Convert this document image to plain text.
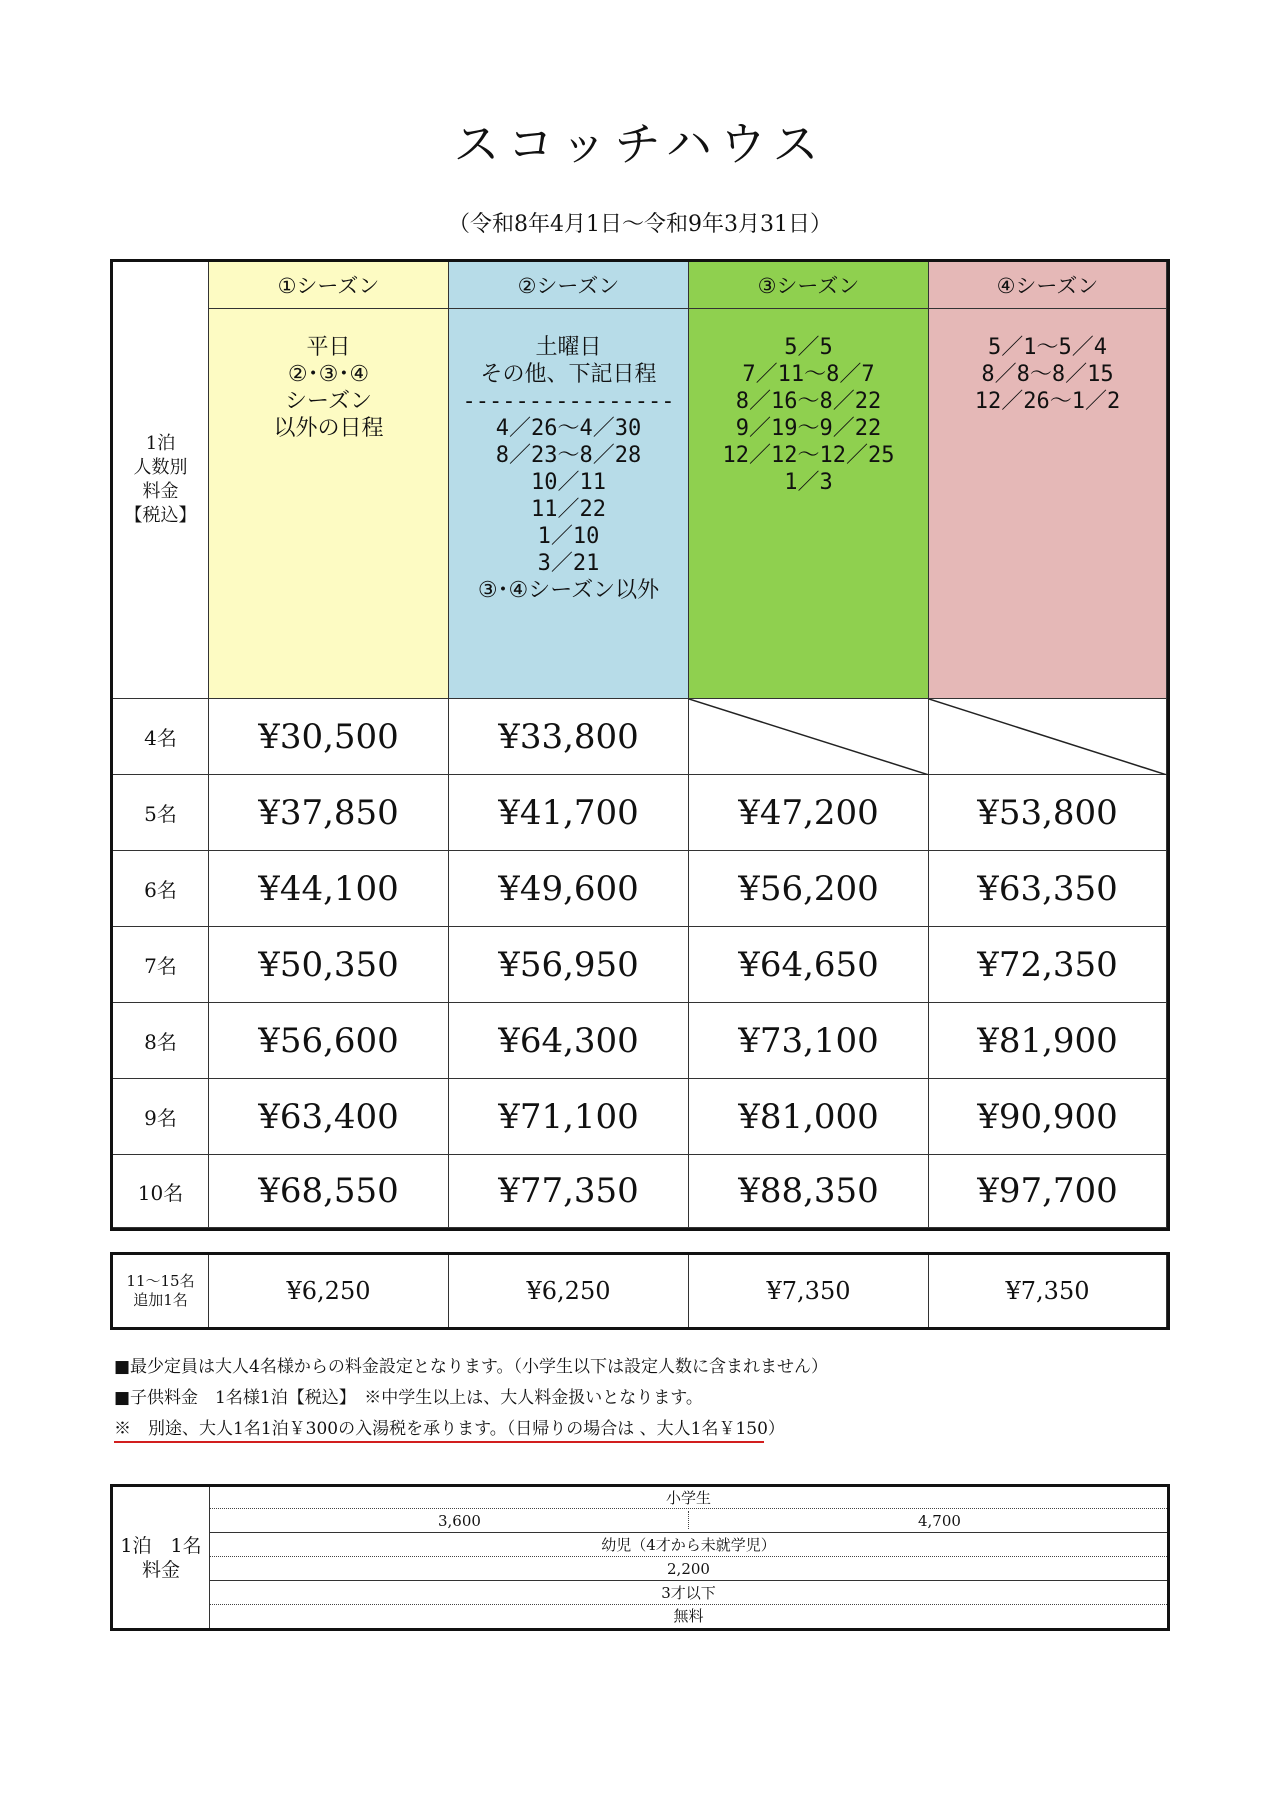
スコッチハウス
（令和8年4月1日～令和9年3月31日）
1泊
人数別
料金
【税込】
①シーズン
平日
②･③･④
シーズン
以外の日程
②シーズン
土曜日
その他、下記日程
----------------
4／26～4／30
8／23～8／28
10／11
11／22
1／10
3／21
③･④シーズン以外
③シーズン
5／5
7／11～8／7
8／16～8／22
9／19～9／22
12／12～12／25
1／3
④シーズン
5／1～5／4
8／8～8／15
12／26～1／2
4名	¥30,500	¥33,800
5名	¥37,850	¥41,700	¥47,200	¥53,800
6名	¥44,100	¥49,600	¥56,200	¥63,350
7名	¥50,350	¥56,950	¥64,650	¥72,350
8名	¥56,600	¥64,300	¥73,100	¥81,900
9名	¥63,400	¥71,100	¥81,000	¥90,900
10名	¥68,550	¥77,350	¥88,350	¥97,700
11～15名
追加1名	¥6,250	¥6,250	¥7,350	¥7,350
■最少定員は大人4名様からの料金設定となります。（小学生以下は設定人数に含まれません）
■子供料金　1名様1泊【税込】　※中学生以上は、大人料金扱いとなります。
※　別途、大人1名1泊￥300の入湯税を承ります。（日帰りの場合は 、大人1名￥150）
1泊　1名
料金
小学生
3,600	4,700
幼児（4才から未就学児）
2,200
3才以下
無料
